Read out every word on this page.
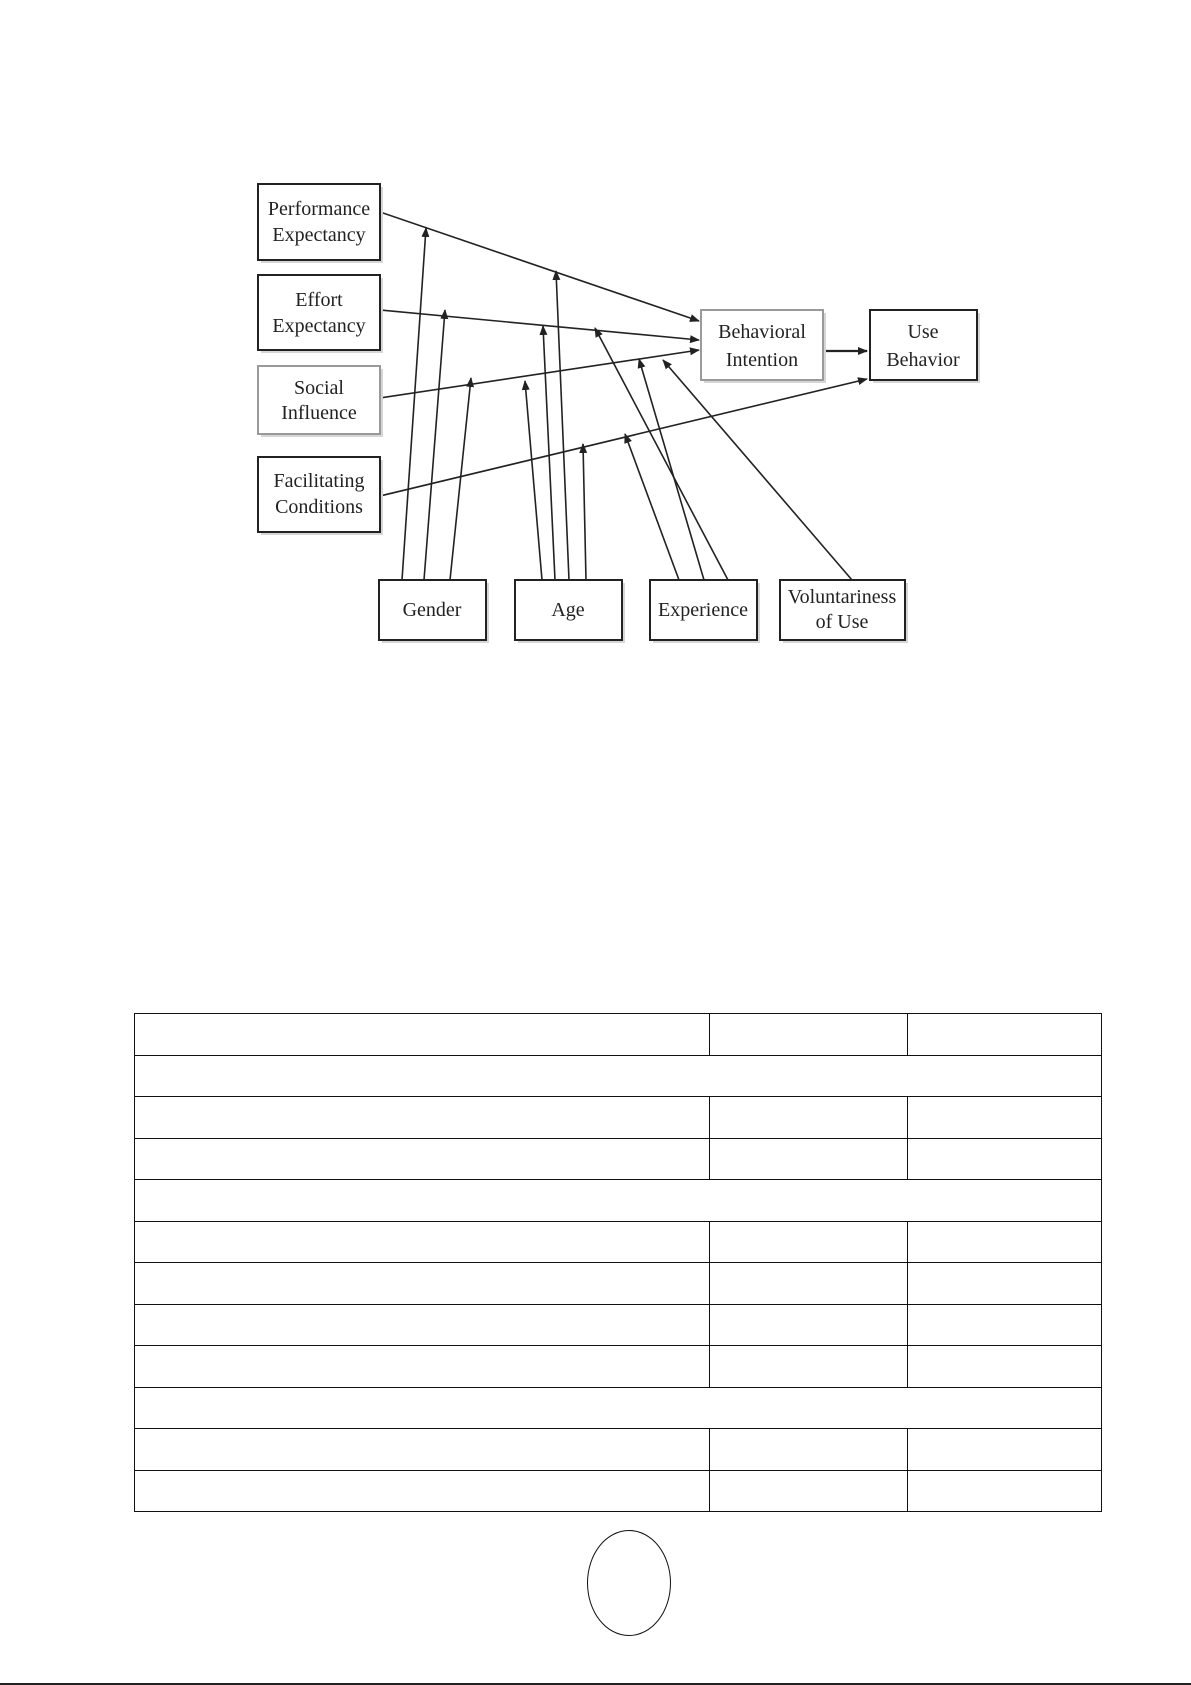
Performance
Expectancy
Effort
Expectancy
Social
Influence
Facilitating
Conditions
Behavioral
Intention
Use
Behavior
Gender	Age	Experience
Voluntariness
of Use
